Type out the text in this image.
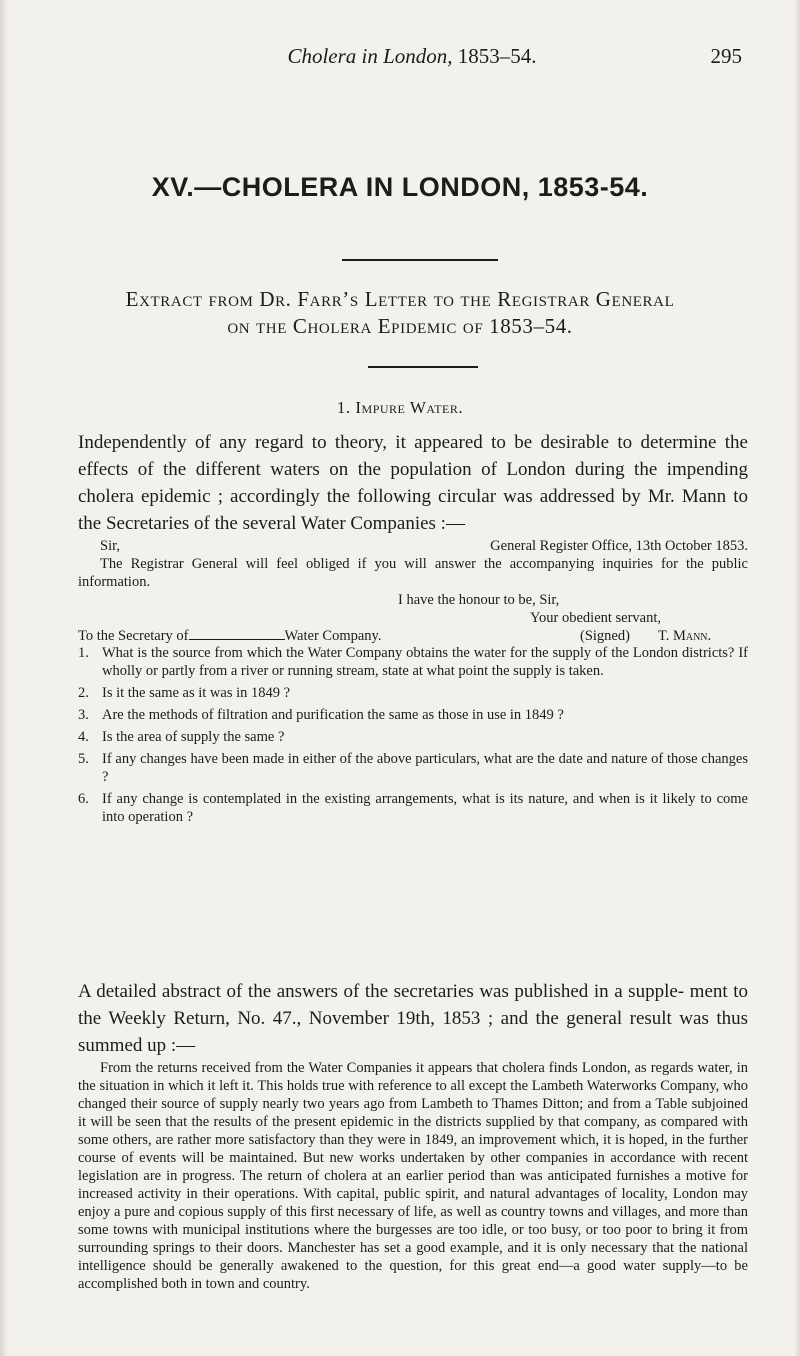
Cholera in London, 1853–54.	295
XV.—CHOLERA IN LONDON, 1853-54.
Extract from Dr. Farr’s Letter to the Registrar General
on the Cholera Epidemic of 1853–54.
1. Impure Water.
Independently of any regard to theory, it appeared to be desirable to determine the effects of the different waters on the population of London during the impending cholera epidemic ; accordingly the following circular was addressed by Mr. Mann to the Secretaries of the several Water Companies :—
Sir,	General Register Office, 13th October 1853.
The Registrar General will feel obliged if you will answer the accompanying inquiries for the public information.
I have the honour to be, Sir,
Your obedient servant,
To the Secretary of	Water Company.	(Signed) T. Mann.
1. What is the source from which the Water Company obtains the water for the supply of the London districts? If wholly or partly from a river or running stream, state at what point the supply is taken.
2. Is it the same as it was in 1849 ?
3. Are the methods of filtration and purification the same as those in use in 1849 ?
4. Is the area of supply the same ?
5. If any changes have been made in either of the above particulars, what are the date and nature of those changes ?
6. If any change is contemplated in the existing arrangements, what is its nature, and when is it likely to come into operation ?
A detailed abstract of the answers of the secretaries was published in a supple- ment to the Weekly Return, No. 47., November 19th, 1853 ; and the general result was thus summed up :—
From the returns received from the Water Companies it appears that cholera finds London, as regards water, in the situation in which it left it. This holds true with reference to all except the Lambeth Waterworks Company, who changed their source of supply nearly two years ago from Lambeth to Thames Ditton; and from a Table subjoined it will be seen that the results of the present epidemic in the districts supplied by that company, as compared with some others, are rather more satisfactory than they were in 1849, an improvement which, it is hoped, in the further course of events will be maintained. But new works undertaken by other companies in accordance with recent legislation are in progress. The return of cholera at an earlier period than was anticipated furnishes a motive for increased activity in their operations. With capital, public spirit, and natural advantages of locality, London may enjoy a pure and copious supply of this first necessary of life, as well as country towns and villages, and more than some towns with municipal institutions where the burgesses are too idle, or too busy, or too poor to bring it from surrounding springs to their doors. Manchester has set a good example, and it is only necessary that the national intelligence should be generally awakened to the question, for this great end—a good water supply—to be accomplished both in town and country.
